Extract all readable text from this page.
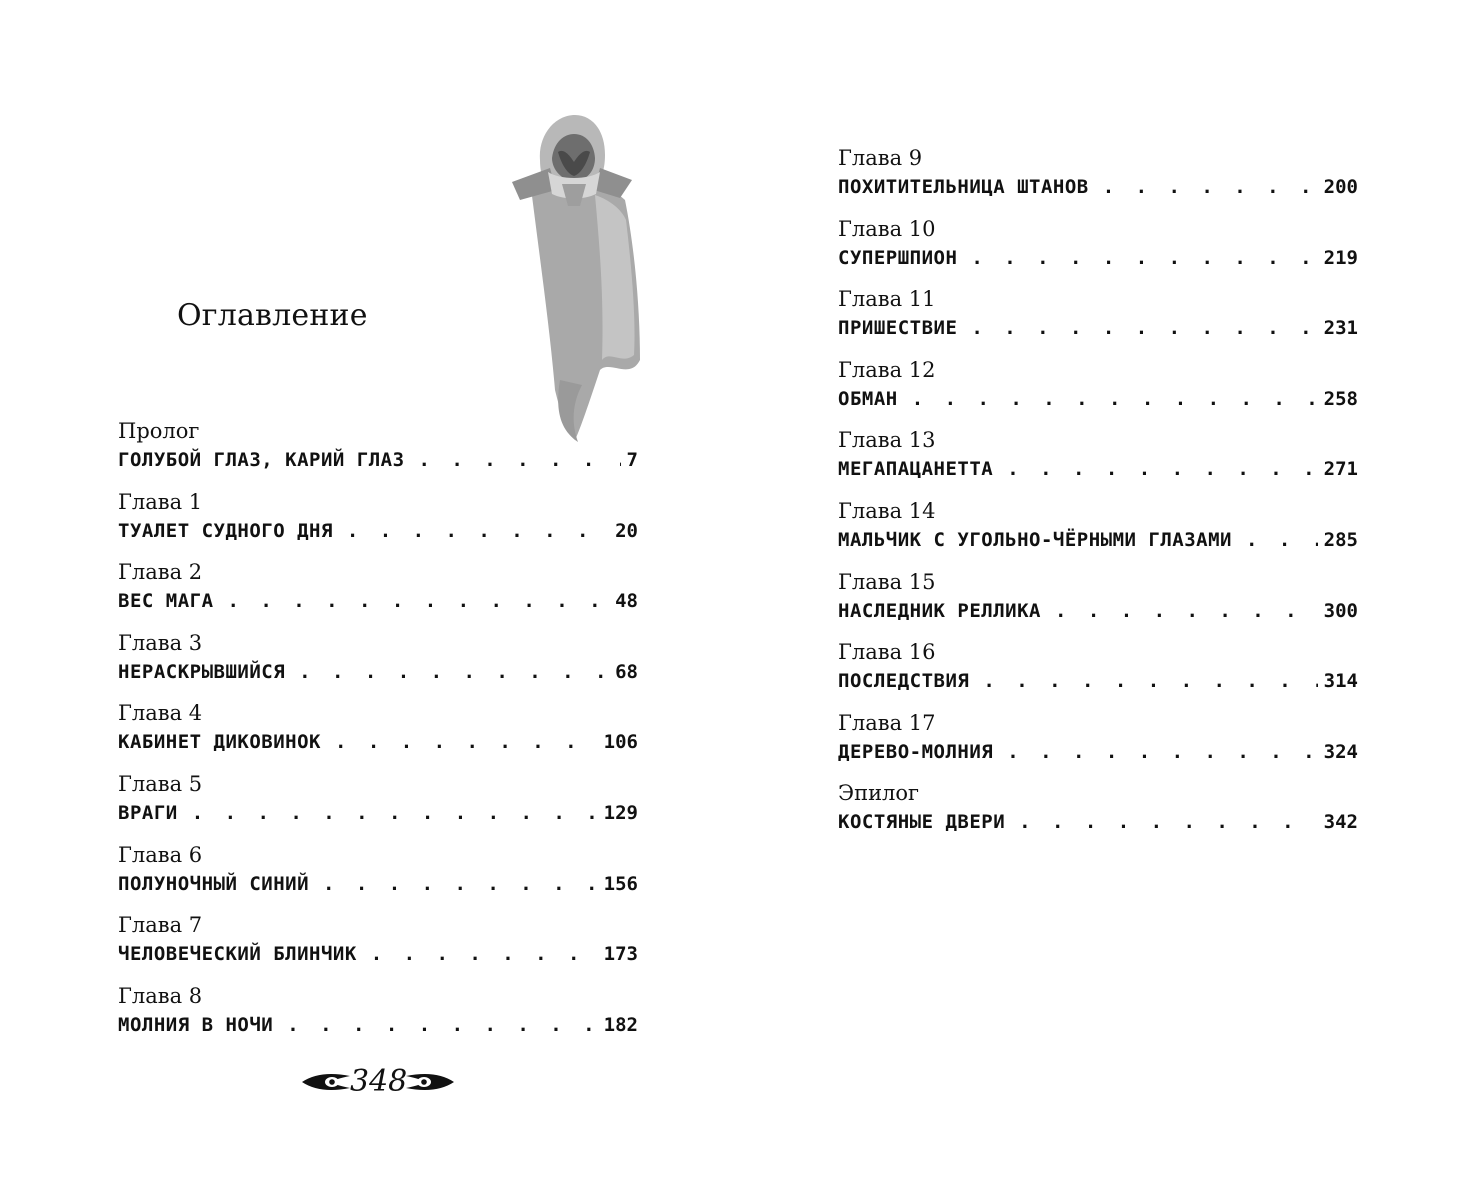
Оглавление
Пролог
ГОЛУБОЙ ГЛАЗ, КАРИЙ ГЛАЗ . . .	7
Глава 1
ТУАЛЕТ СУДНОГО ДНЯ . . .	20
Глава 2
ВЕС МАГА . . .	48
Глава 3
НЕРАСКРЫВШИЙСЯ . . .	68
Глава 4
КАБИНЕТ ДИКОВИНОК . . .	106
Глава 5
ВРАГИ . . .	129
Глава 6
ПОЛУНОЧНЫЙ СИНИЙ . . .	156
Глава 7
ЧЕЛОВЕЧЕСКИЙ БЛИНЧИК . . .	173
Глава 8
МОЛНИЯ В НОЧИ . . .	182
348
Глава 9
ПОХИТИТЕЛЬНИЦА ШТАНОВ . . .	200
Глава 10
СУПЕРШПИОН . . .	219
Глава 11
ПРИШЕСТВИЕ . . .	231
Глава 12
ОБМАН . . .	258
Глава 13
МЕГАПАЦАНЕТТА . . .	271
Глава 14
МАЛЬЧИК С УГОЛЬНО-ЧЁРНЫМИ ГЛАЗАМИ . . .	285
Глава 15
НАСЛЕДНИК РЕЛЛИКА . . .	300
Глава 16
ПОСЛЕДСТВИЯ . . .	314
Глава 17
ДЕРЕВО-МОЛНИЯ . . .	324
Эпилог
КОСТЯНЫЕ ДВЕРИ . . .	342
